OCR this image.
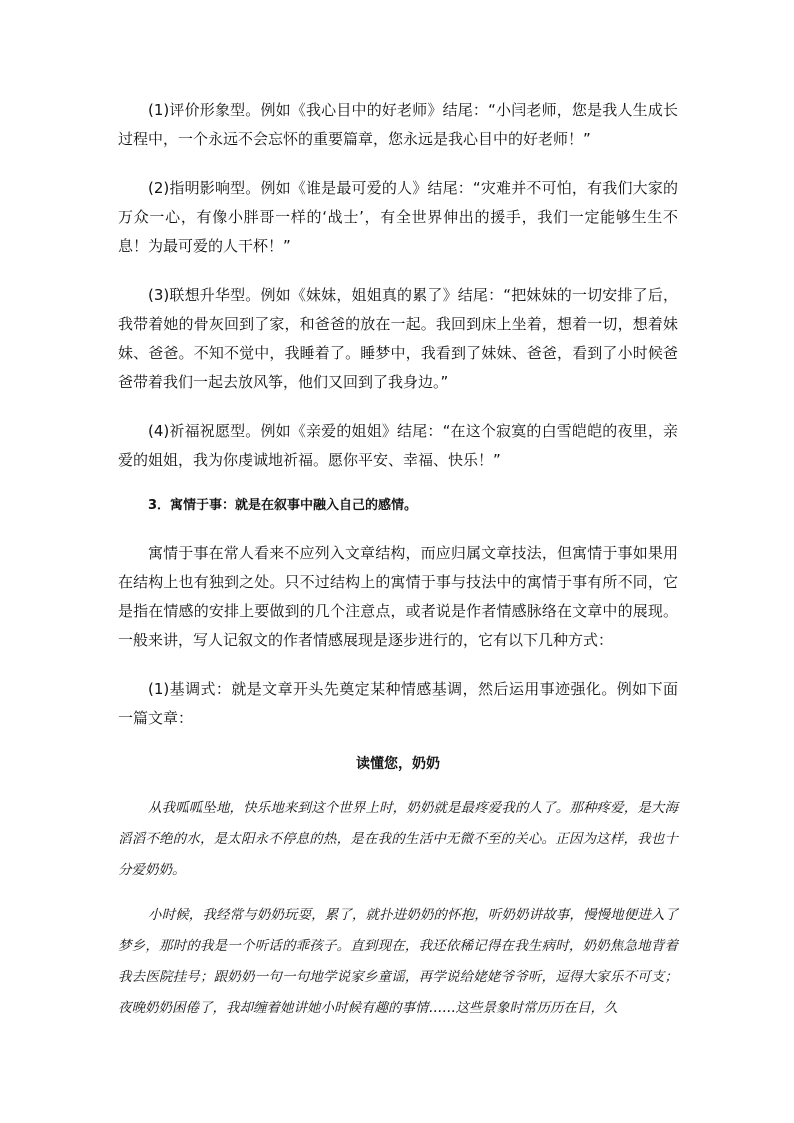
(1)评价形象型。例如《我心目中的好老师》结尾：“小闫老师，您是我人生成长过程中，一个永远不会忘怀的重要篇章，您永远是我心目中的好老师！”

(2)指明影响型。例如《谁是最可爱的人》结尾：“灾难并不可怕，有我们大家的万众一心，有像小胖哥一样的‘战士’，有全世界伸出的援手，我们一定能够生生不息！为最可爱的人干杯！”

(3)联想升华型。例如《妹妹，姐姐真的累了》结尾：“把妹妹的一切安排了后，我带着她的骨灰回到了家，和爸爸的放在一起。我回到床上坐着，想着一切，想着妹妹、爸爸。不知不觉中，我睡着了。睡梦中，我看到了妹妹、爸爸，看到了小时候爸爸带着我们一起去放风筝，他们又回到了我身边。”

(4)祈福祝愿型。例如《亲爱的姐姐》结尾：“在这个寂寞的白雪皑皑的夜里，亲爱的姐姐，我为你虔诚地祈福。愿你平安、幸福、快乐！”

3．寓情于事：就是在叙事中融入自己的感情。

寓情于事在常人看来不应列入文章结构，而应归属文章技法，但寓情于事如果用在结构上也有独到之处。只不过结构上的寓情于事与技法中的寓情于事有所不同，它是指在情感的安排上要做到的几个注意点，或者说是作者情感脉络在文章中的展现。一般来讲，写人记叙文的作者情感展现是逐步进行的，它有以下几种方式：

(1)基调式：就是文章开头先奠定某种情感基调，然后运用事迹强化。例如下面一篇文章：

读懂您，奶奶

从我呱呱坠地，快乐地来到这个世界上时，奶奶就是最疼爱我的人了。那种疼爱，是大海滔滔不绝的水，是太阳永不停息的热，是在我的生活中无微不至的关心。正因为这样，我也十分爱奶奶。

小时候，我经常与奶奶玩耍，累了，就扑进奶奶的怀抱，听奶奶讲故事，慢慢地便进入了梦乡，那时的我是一个听话的乖孩子。直到现在，我还依稀记得在我生病时，奶奶焦急地背着我去医院挂号；跟奶奶一句一句地学说家乡童谣，再学说给姥姥爷爷听，逗得大家乐不可支；夜晚奶奶困倦了，我却缠着她讲她小时候有趣的事情……这些景象时常历历在目，久
